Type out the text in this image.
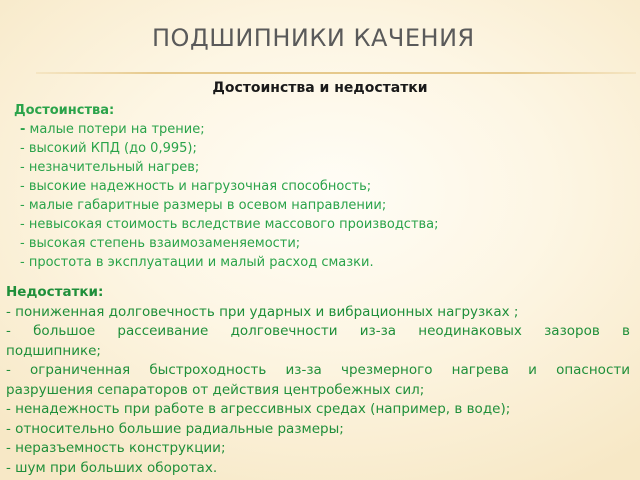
ПОДШИПНИКИ КАЧЕНИЯ
Достоинства и недостатки
Достоинства:
- малые потери на трение;
- высокий КПД (до 0,995);
- незначительный нагрев;
- высокие надежность и нагрузочная способность;
- малые габаритные размеры в осевом направлении;
- невысокая стоимость вследствие массового производства;
- высокая степень взаимозаменяемости;
- простота в эксплуатации и малый расход смазки.
Недостатки:
- пониженная долговечность при ударных и вибрационных нагрузках ;
- большое рассеивание долговечности из-за неодинаковых зазоров в
подшипнике;
- ограниченная быстроходность из-за чрезмерного нагрева и опасности
разрушения сепараторов от действия центробежных сил;
- ненадежность при работе в агрессивных средах (например, в воде);
- относительно большие радиальные размеры;
- неразъемность конструкции;
- шум при больших оборотах.
